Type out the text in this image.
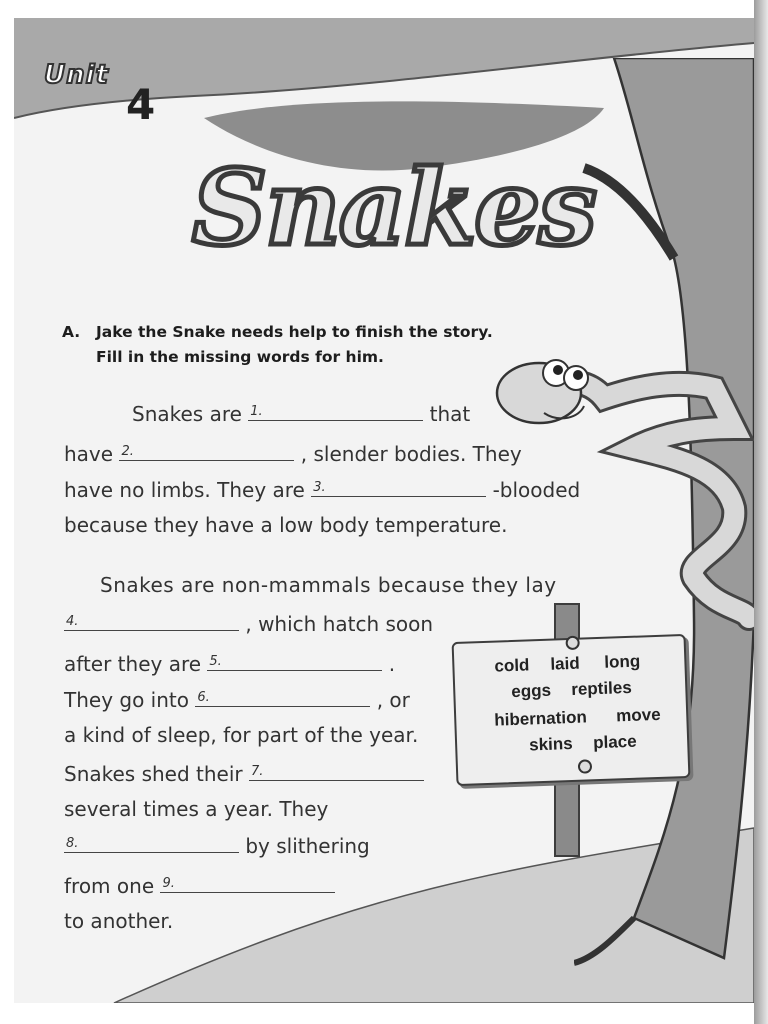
Unit
4
Snakes
A. Jake the Snake needs help to finish the story.
Fill in the missing words for him.
Snakes are 1.	that
have 2.	, slender bodies. They
have no limbs. They are 3.	-blooded
because they have a low body temperature.
Snakes are non-mammals because they lay
4.	, which hatch soon
after they are 5.	.
They go into 6.	, or
a kind of sleep, for part of the year.
Snakes shed their 7.
several times a year. They
8.	by slithering
from one 9.
to another.
cold laid long
eggs reptiles
hibernation move
skins place
